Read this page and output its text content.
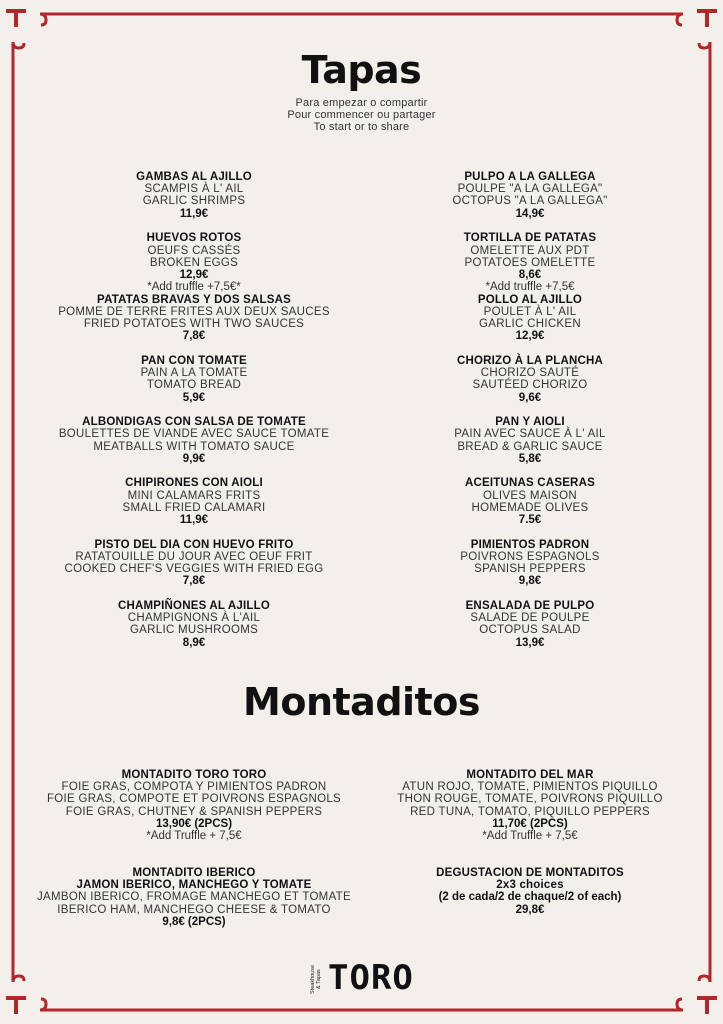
Tapas
Para empezar o compartir
Pour commencer ou partager
To start or to share
GAMBAS AL AJILLO
SCAMPIS À L' AIL
GARLIC SHRIMPS
11,9€
HUEVOS ROTOS
OEUFS CASSÉS
BROKEN EGGS
12,9€
*Add truffle +7,5€*
PATATAS BRAVAS Y DOS SALSAS
POMME DE TERRE FRITES AUX DEUX SAUCES
FRIED POTATOES WITH TWO SAUCES
7,8€
PAN CON TOMATE
PAIN A LA TOMATE
TOMATO BREAD
5,9€
ALBONDIGAS CON SALSA DE TOMATE
BOULETTES DE VIANDE AVEC SAUCE TOMATE
MEATBALLS WITH TOMATO SAUCE
9,9€
CHIPIRONES CON AIOLI
MINI CALAMARS FRITS
SMALL FRIED CALAMARI
11,9€
PISTO DEL DIA CON HUEVO FRITO
RATATOUILLE DU JOUR AVEC OEUF FRIT
COOKED CHEF'S VEGGIES WITH FRIED EGG
7,8€
CHAMPIÑONES AL AJILLO
CHAMPIGNONS À L'AIL
GARLIC MUSHROOMS
8,9€
PULPO A LA GALLEGA
POULPE "A LA GALLEGA"
OCTOPUS "A LA GALLEGA"
14,9€
TORTILLA DE PATATAS
OMELETTE AUX PDT
POTATOES OMELETTE
8,6€
*Add truffle +7,5€
POLLO AL AJILLO
POULET À L' AIL
GARLIC CHICKEN
12,9€
CHORIZO À LA PLANCHA
CHORIZO SAUTÉ
SAUTÉED CHORIZO
9,6€
PAN Y AIOLI
PAIN AVEC SAUCE À L' AIL
BREAD & GARLIC SAUCE
5,8€
ACEITUNAS CASERAS
OLIVES MAISON
HOMEMADE OLIVES
7.5€
PIMIENTOS PADRON
POIVRONS ESPAGNOLS
SPANISH PEPPERS
9,8€
ENSALADA DE PULPO
SALADE DE POULPE
OCTOPUS SALAD
13,9€
Montaditos
MONTADITO TORO TORO
FOIE GRAS, COMPOTA Y PIMIENTOS PADRON
FOIE GRAS, COMPOTE ET POIVRONS ESPAGNOLS
FOIE GRAS, CHUTNEY & SPANISH PEPPERS
13,90€ (2PCS)
*Add Truffle + 7,5€
MONTADITO IBERICO
JAMON IBERICO, MANCHEGO Y TOMATE
JAMBON IBERICO, FROMAGE MANCHEGO ET TOMATE
IBERICO HAM, MANCHEGO CHEESE & TOMATO
9,8€ (2PCS)
MONTADITO DEL MAR
ATUN ROJO, TOMATE, PIMIENTOS PIQUILLO
THON ROUGE, TOMATE, POIVRONS PIQUILLO
RED TUNA, TOMATO, PIQUILLO PEPPERS
11,70€ (2PCS)
*Add Truffle + 7,5€
DEGUSTACION DE MONTADITOS
2x3 choices
(2 de cada/2 de chaque/2 of each)
29,8€
Steakhouse & Tapas TORO
